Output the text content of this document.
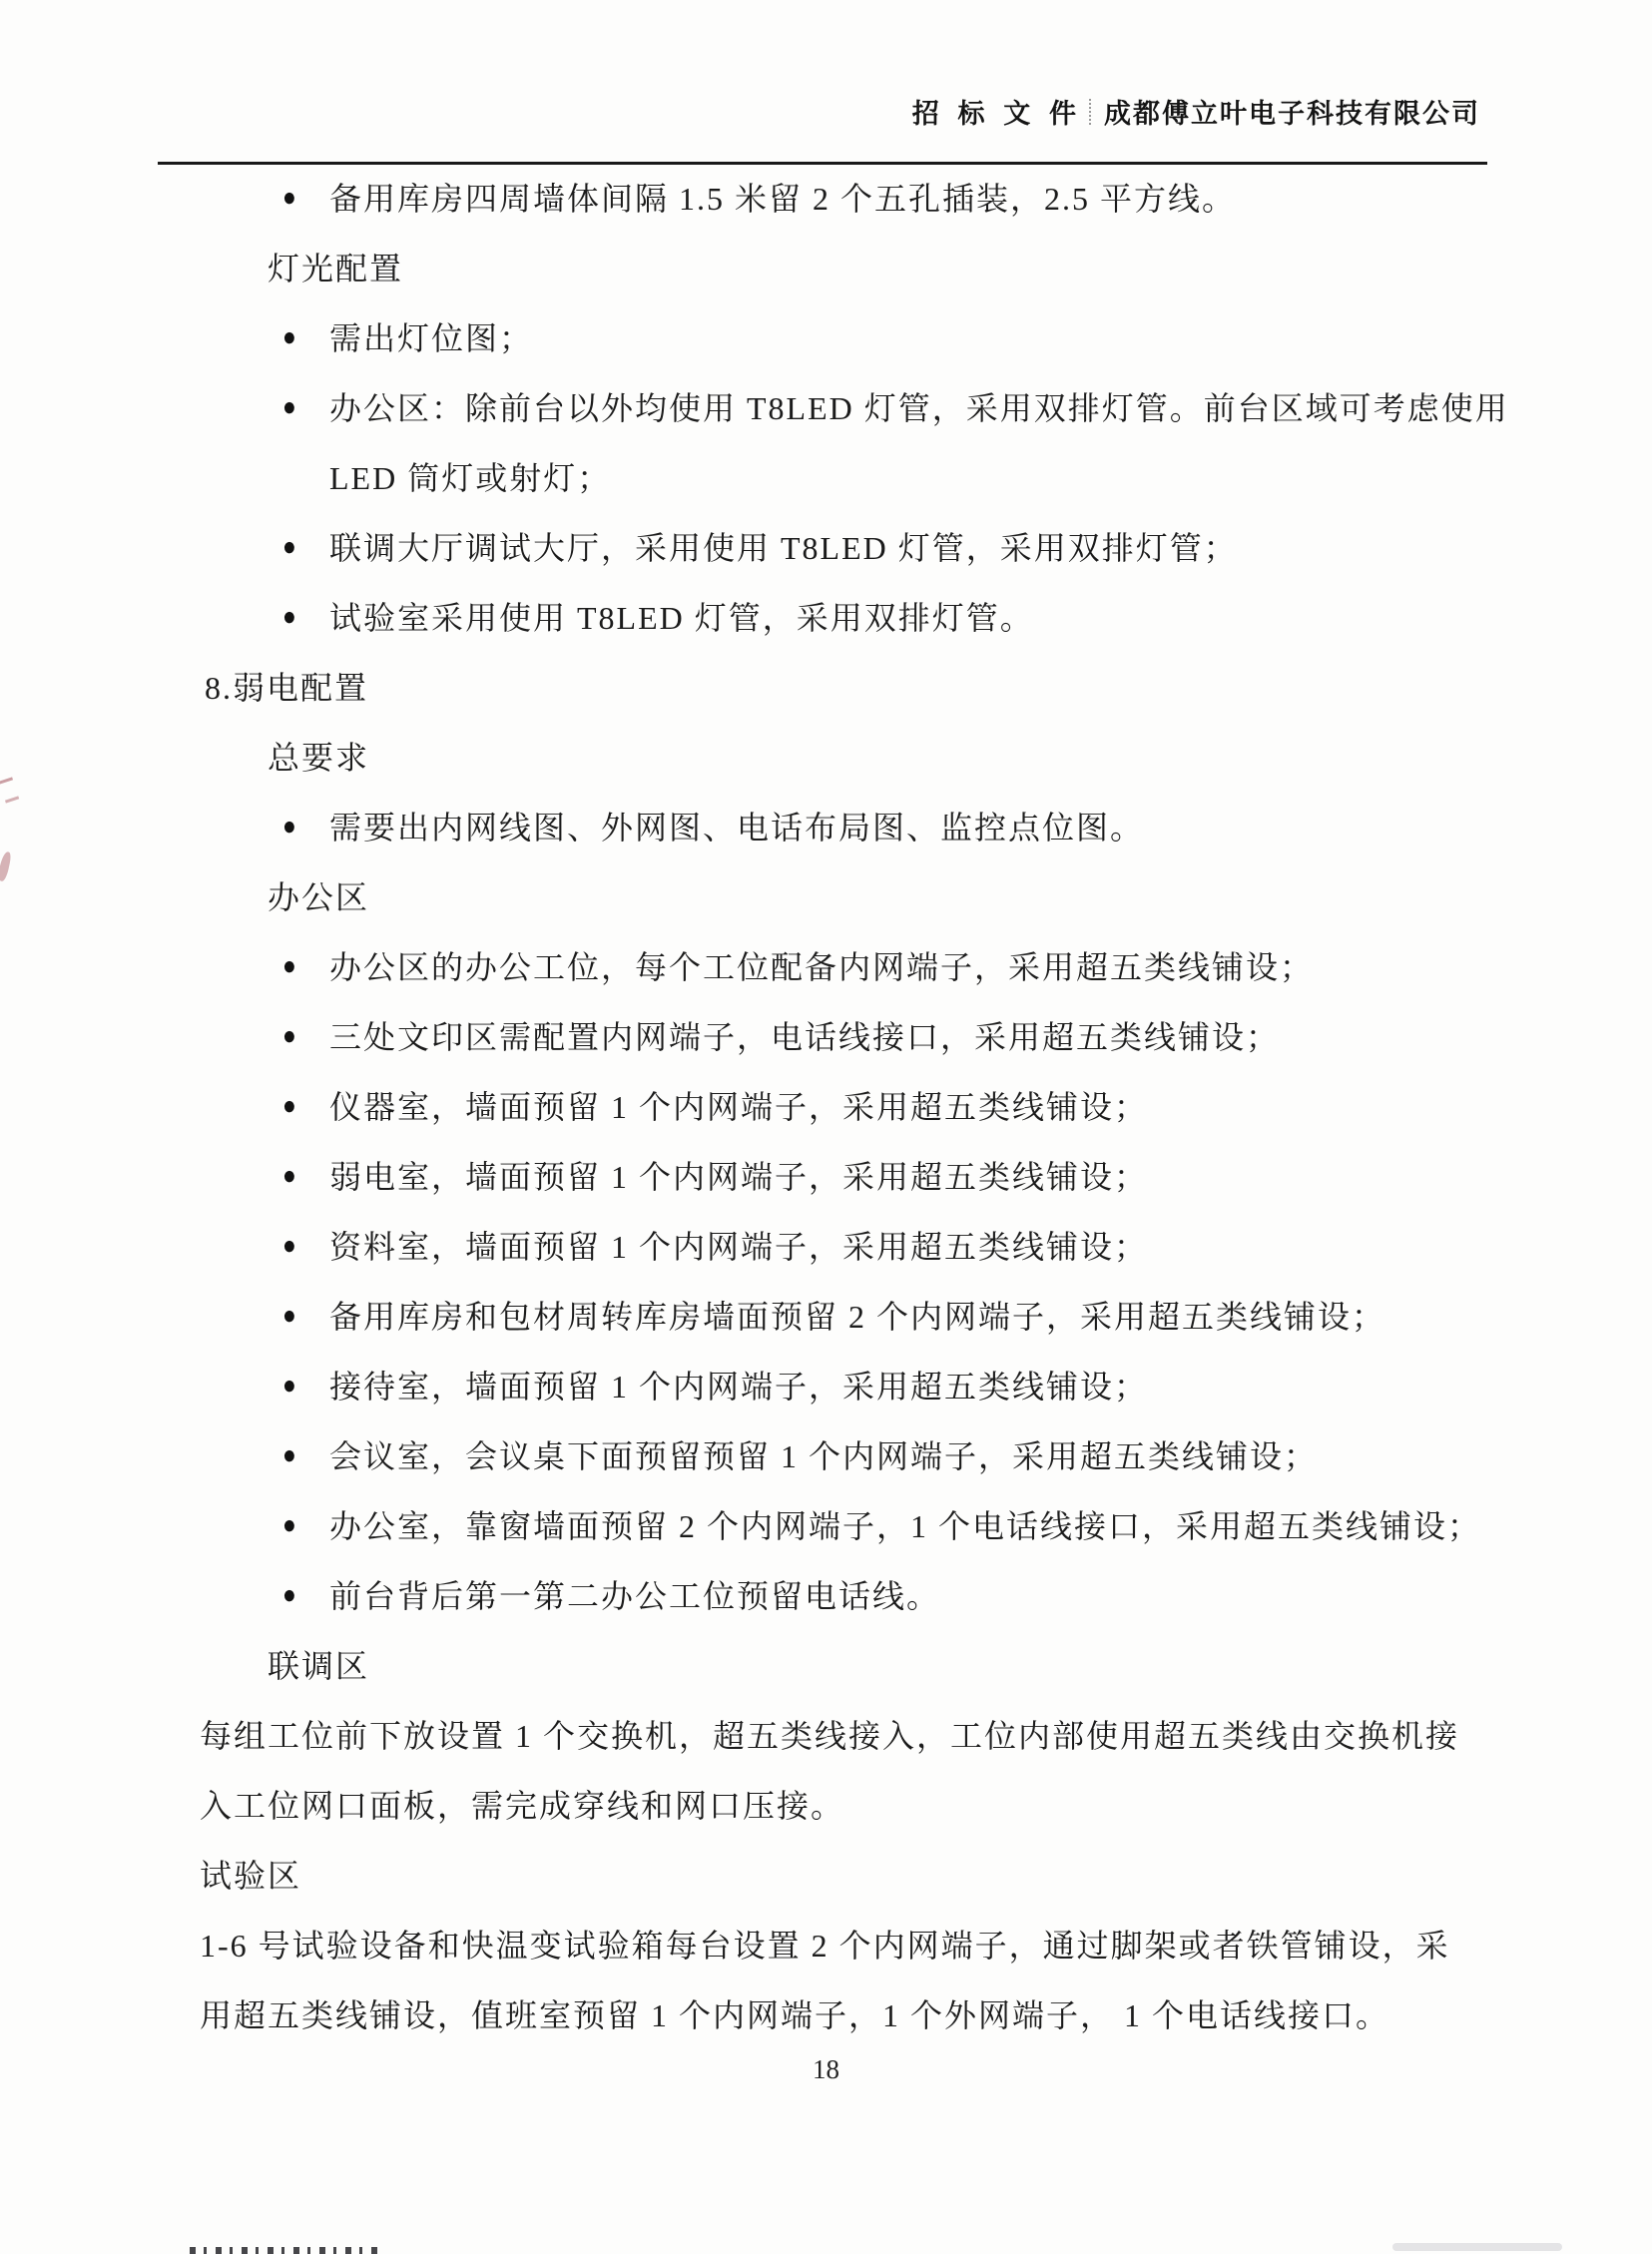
招 标 文 件 成都傅立叶电子科技有限公司
● 备用库房四周墙体间隔 1.5 米留 2 个五孔插装，2.5 平方线。
灯光配置
● 需出灯位图；
● 办公区：除前台以外均使用 T8LED 灯管，采用双排灯管。前台区域可考虑使用
LED 筒灯或射灯；
● 联调大厅调试大厅，采用使用 T8LED 灯管，采用双排灯管；
● 试验室采用使用 T8LED 灯管，采用双排灯管。
8.弱电配置
总要求
● 需要出内网线图、外网图、电话布局图、监控点位图。
办公区
● 办公区的办公工位，每个工位配备内网端子，采用超五类线铺设；
● 三处文印区需配置内网端子，电话线接口，采用超五类线铺设；
● 仪器室，墙面预留 1 个内网端子，采用超五类线铺设；
● 弱电室，墙面预留 1 个内网端子，采用超五类线铺设；
● 资料室，墙面预留 1 个内网端子，采用超五类线铺设；
● 备用库房和包材周转库房墙面预留 2 个内网端子，采用超五类线铺设；
● 接待室，墙面预留 1 个内网端子，采用超五类线铺设；
● 会议室，会议桌下面预留预留 1 个内网端子，采用超五类线铺设；
● 办公室，靠窗墙面预留 2 个内网端子，1 个电话线接口，采用超五类线铺设；
● 前台背后第一第二办公工位预留电话线。
联调区
每组工位前下放设置 1 个交换机，超五类线接入，工位内部使用超五类线由交换机接
入工位网口面板，需完成穿线和网口压接。
试验区
1-6 号试验设备和快温变试验箱每台设置 2 个内网端子，通过脚架或者铁管铺设，采
用超五类线铺设，值班室预留 1 个内网端子，1 个外网端子， 1 个电话线接口。
18
